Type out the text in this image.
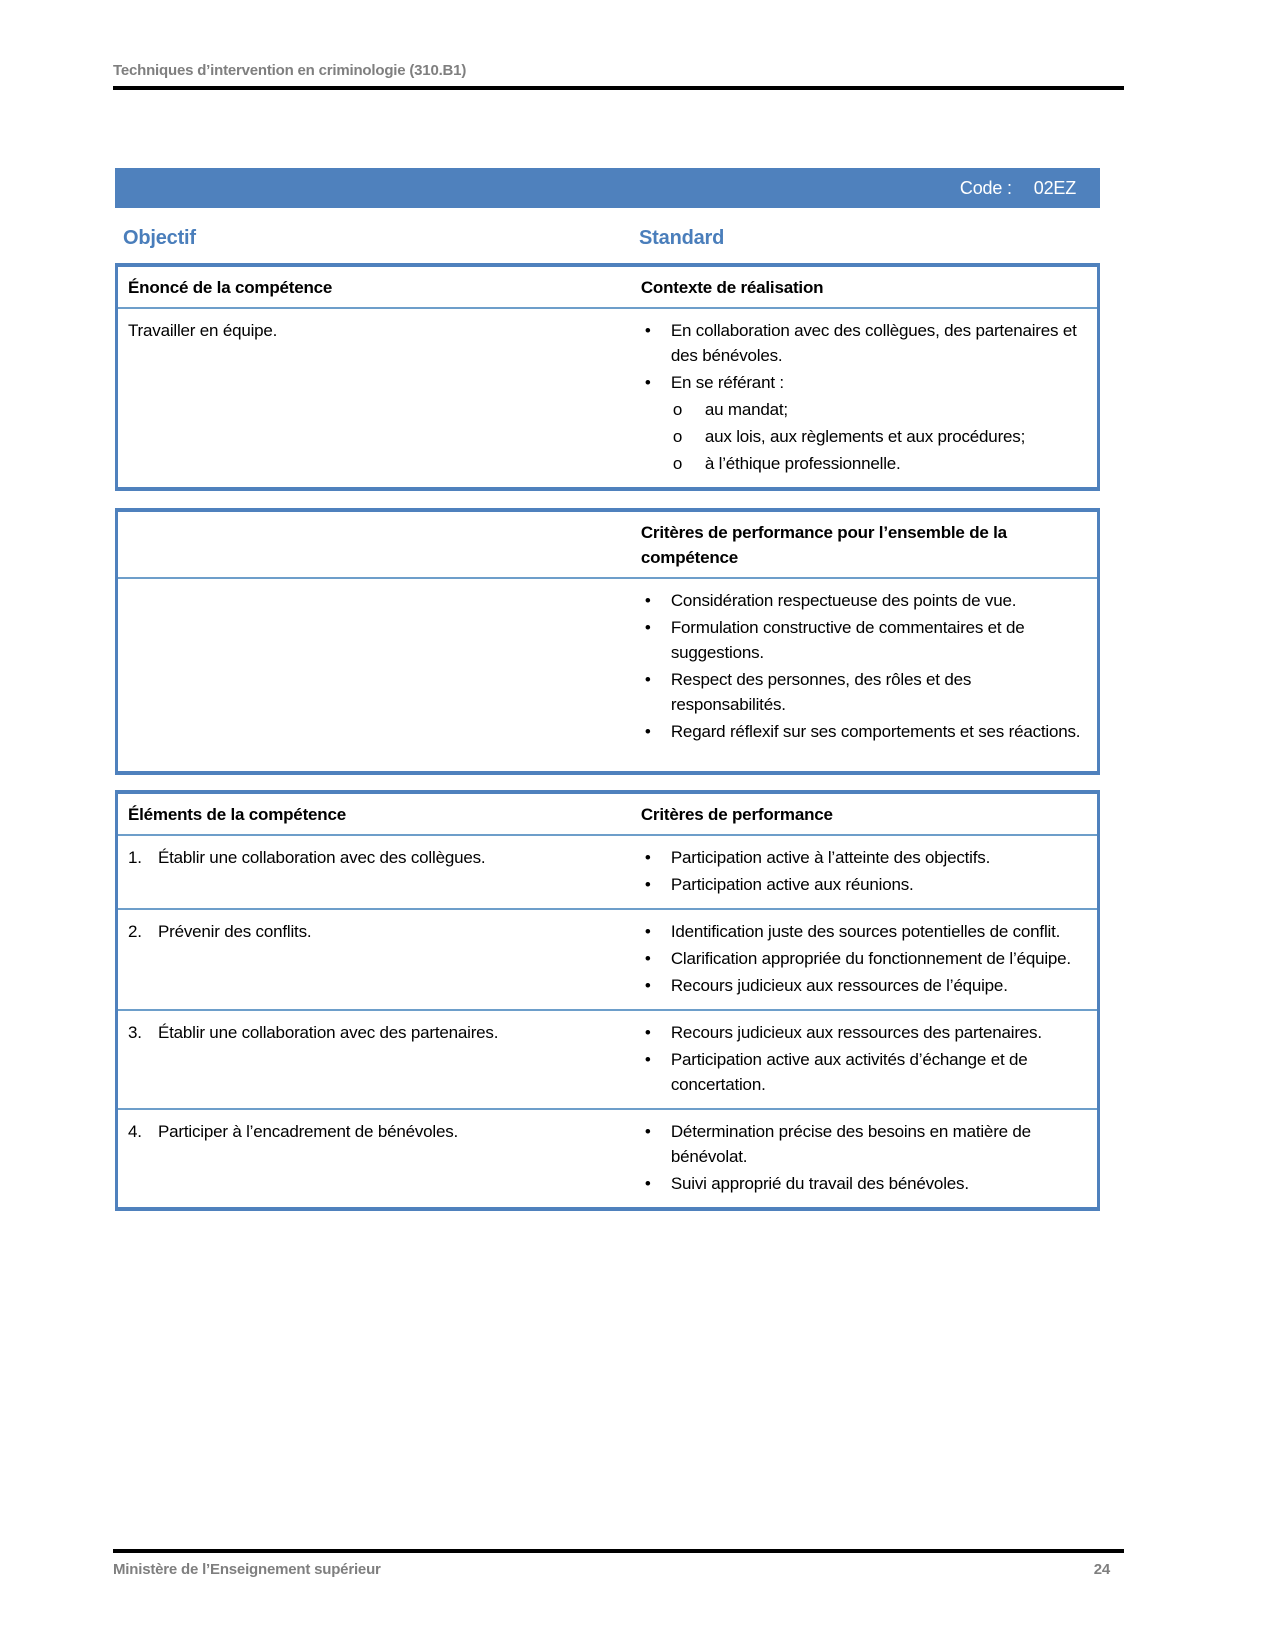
Techniques d’intervention en criminologie (310.B1)
Code : 02EZ
Objectif	Standard
Énoncé de la compétence	Contexte de réalisation
Travailler en équipe.	•	En collaboration avec des collègues, des partenaires et des bénévoles.
•	En se référant :
o	au mandat;
o	aux lois, aux règlements et aux procédures;
o	à l’éthique professionnelle.
Critères de performance pour l’ensemble de la compétence
•	Considération respectueuse des points de vue.
•	Formulation constructive de commentaires et de suggestions.
•	Respect des personnes, des rôles et des responsabilités.
•	Regard réflexif sur ses comportements et ses réactions.
Éléments de la compétence	Critères de performance
1. Établir une collaboration avec des collègues.	•	Participation active à l’atteinte des objectifs.
•	Participation active aux réunions.
2. Prévenir des conflits.	•	Identification juste des sources potentielles de conflit.
•	Clarification appropriée du fonctionnement de l’équipe.
•	Recours judicieux aux ressources de l’équipe.
3. Établir une collaboration avec des partenaires.	•	Recours judicieux aux ressources des partenaires.
•	Participation active aux activités d’échange et de concertation.
4. Participer à l’encadrement de bénévoles.	•	Détermination précise des besoins en matière de bénévolat.
•	Suivi approprié du travail des bénévoles.
Ministère de l’Enseignement supérieur	24
